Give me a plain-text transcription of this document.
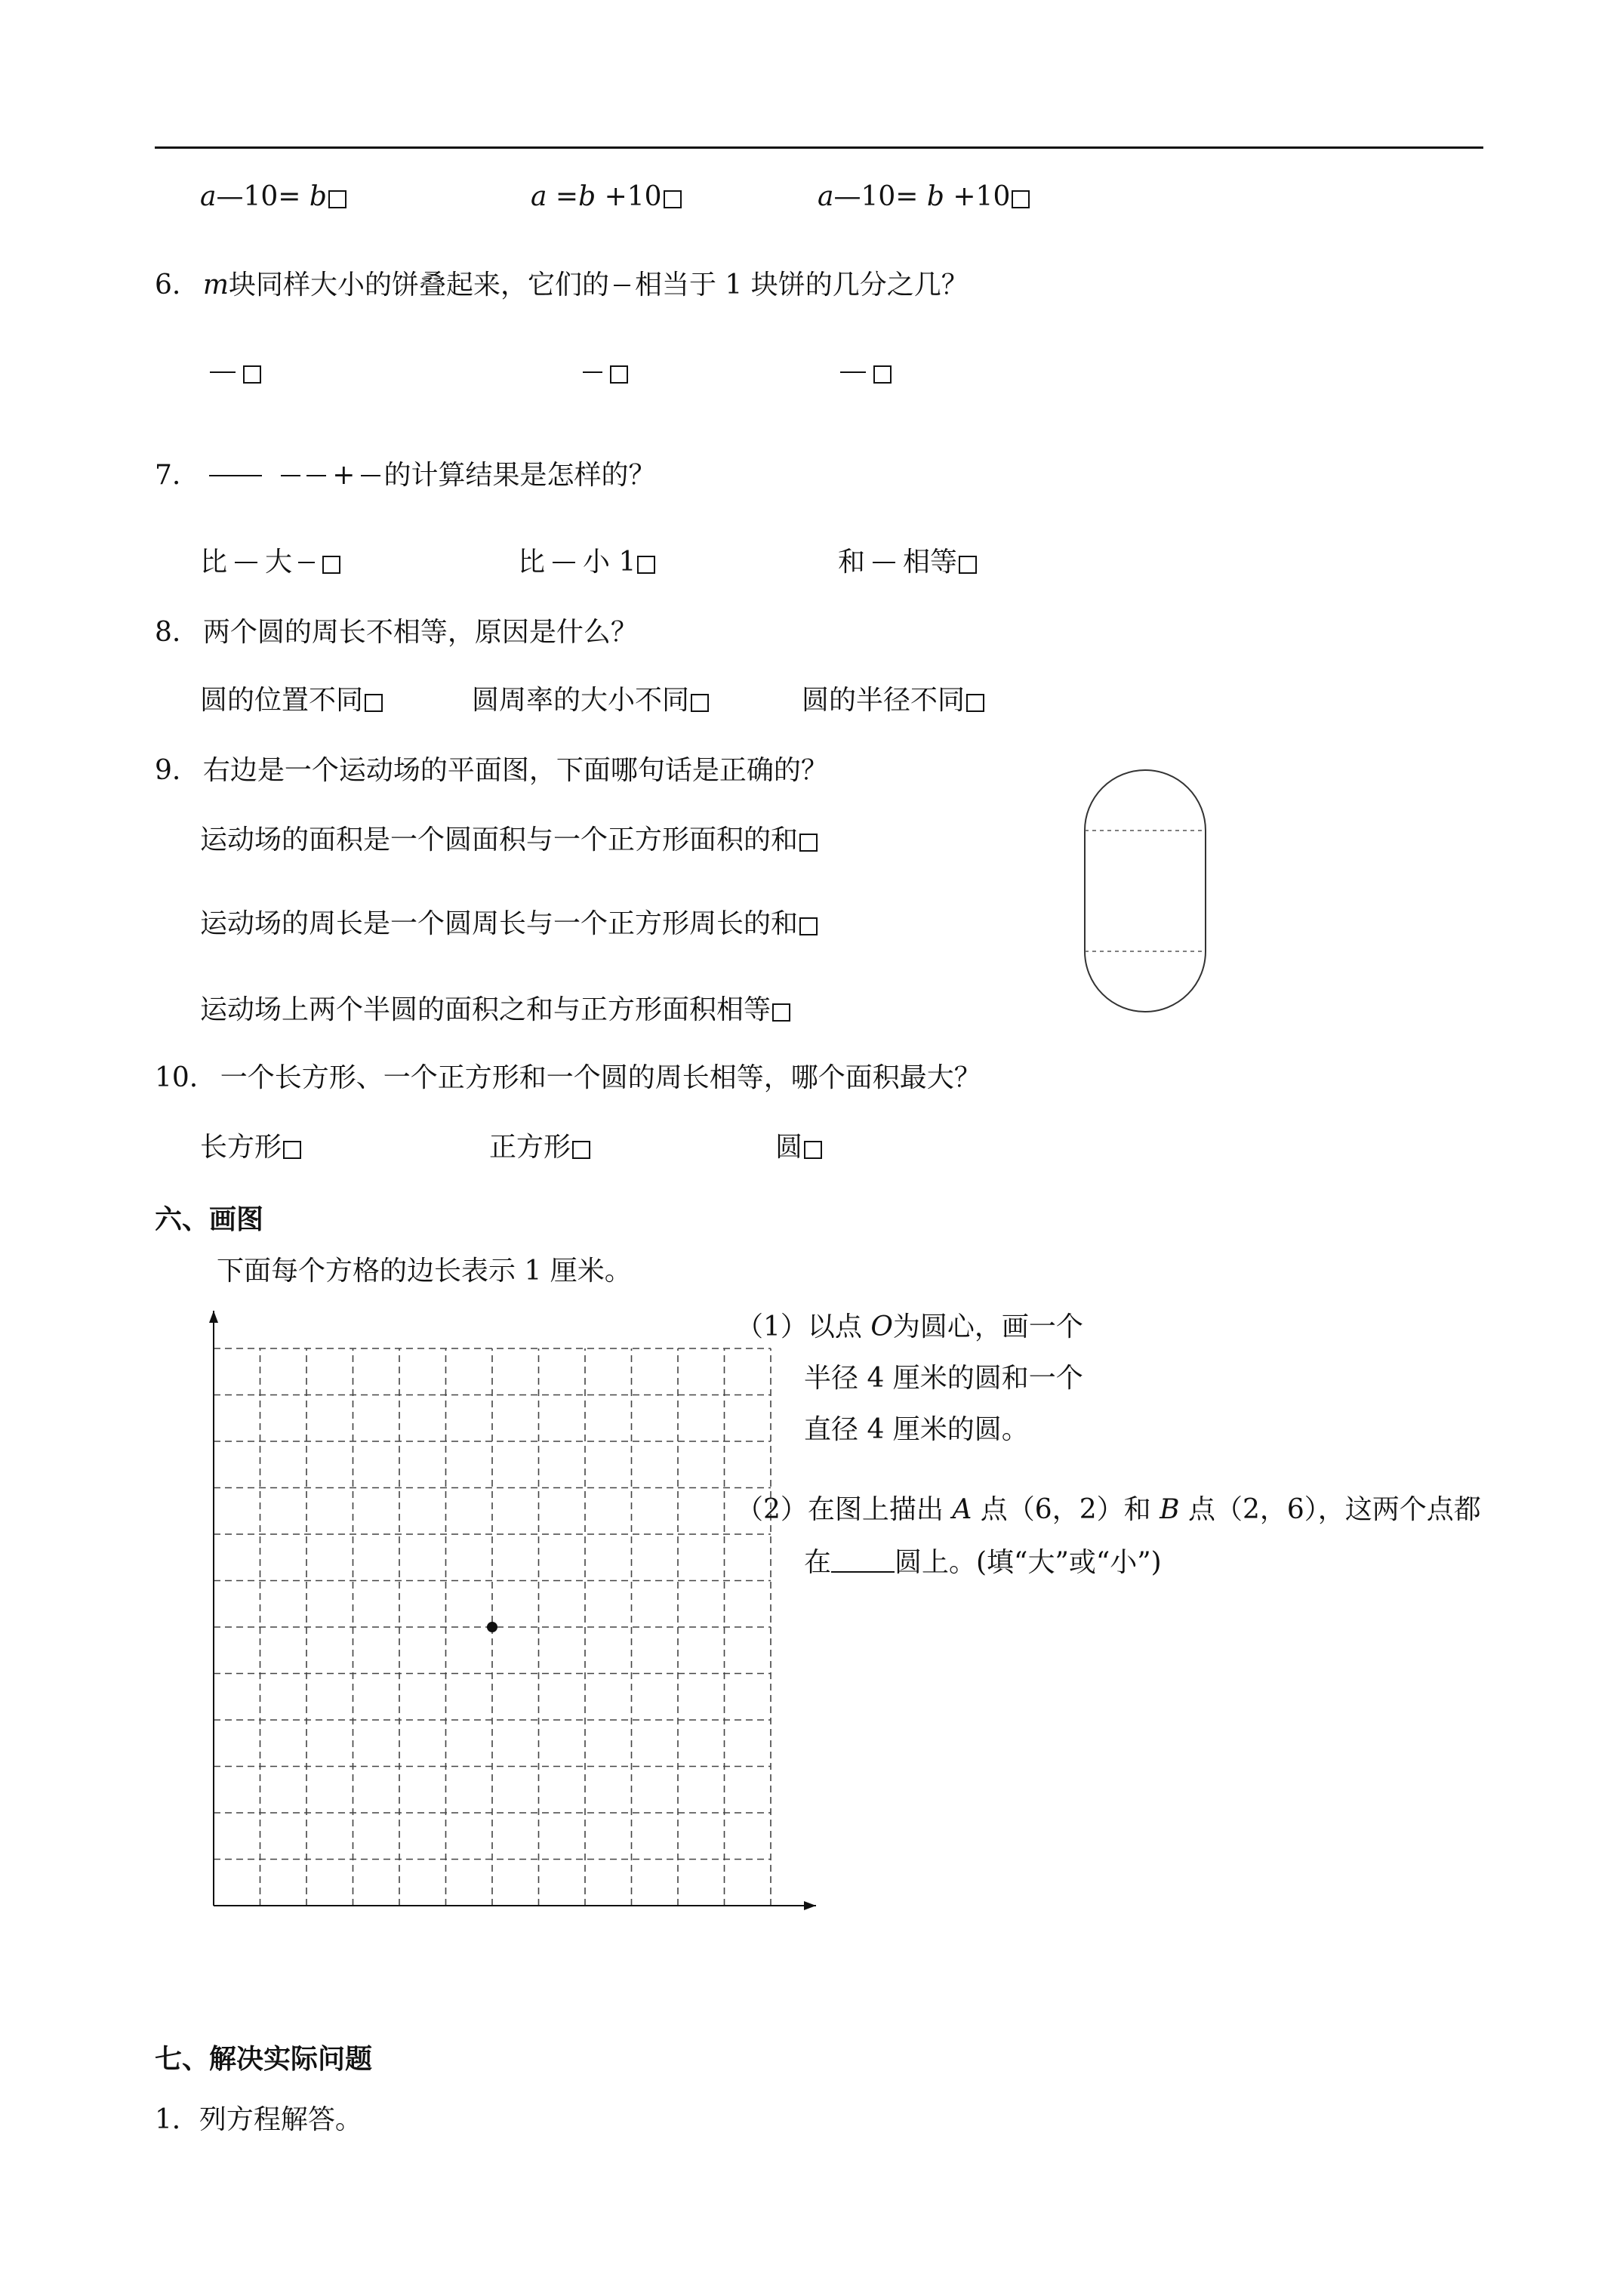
a—10= b	a =b +10	a—10= b +10
6. m块同样大小的饼叠起来，它们的 相当于 1 块饼的几分之几？
7.	+ 的计算结果是怎样的？
比 大	比 小 1	和 相等
8. 两个圆的周长不相等，原因是什么？
圆的位置不同	圆周率的大小不同	圆的半径不同
9. 右边是一个运动场的平面图，下面哪句话是正确的？
运动场的面积是一个圆面积与一个正方形面积的和
运动场的周长是一个圆周长与一个正方形周长的和
运动场上两个半圆的面积之和与正方形面积相等
10. 一个长方形、一个正方形和一个圆的周长相等，哪个面积最大？
长方形	正方形	圆
六、画图
下面每个方格的边长表示 1 厘米。
（1）以点 O为圆心，画一个
半径 4 厘米的圆和一个
直径 4 厘米的圆。
（2）在图上描出 A 点（6，2）和 B 点（2，6），这两个点都
在 圆上。(填“大”或“小”)
七、解决实际问题
1．列方程解答。
